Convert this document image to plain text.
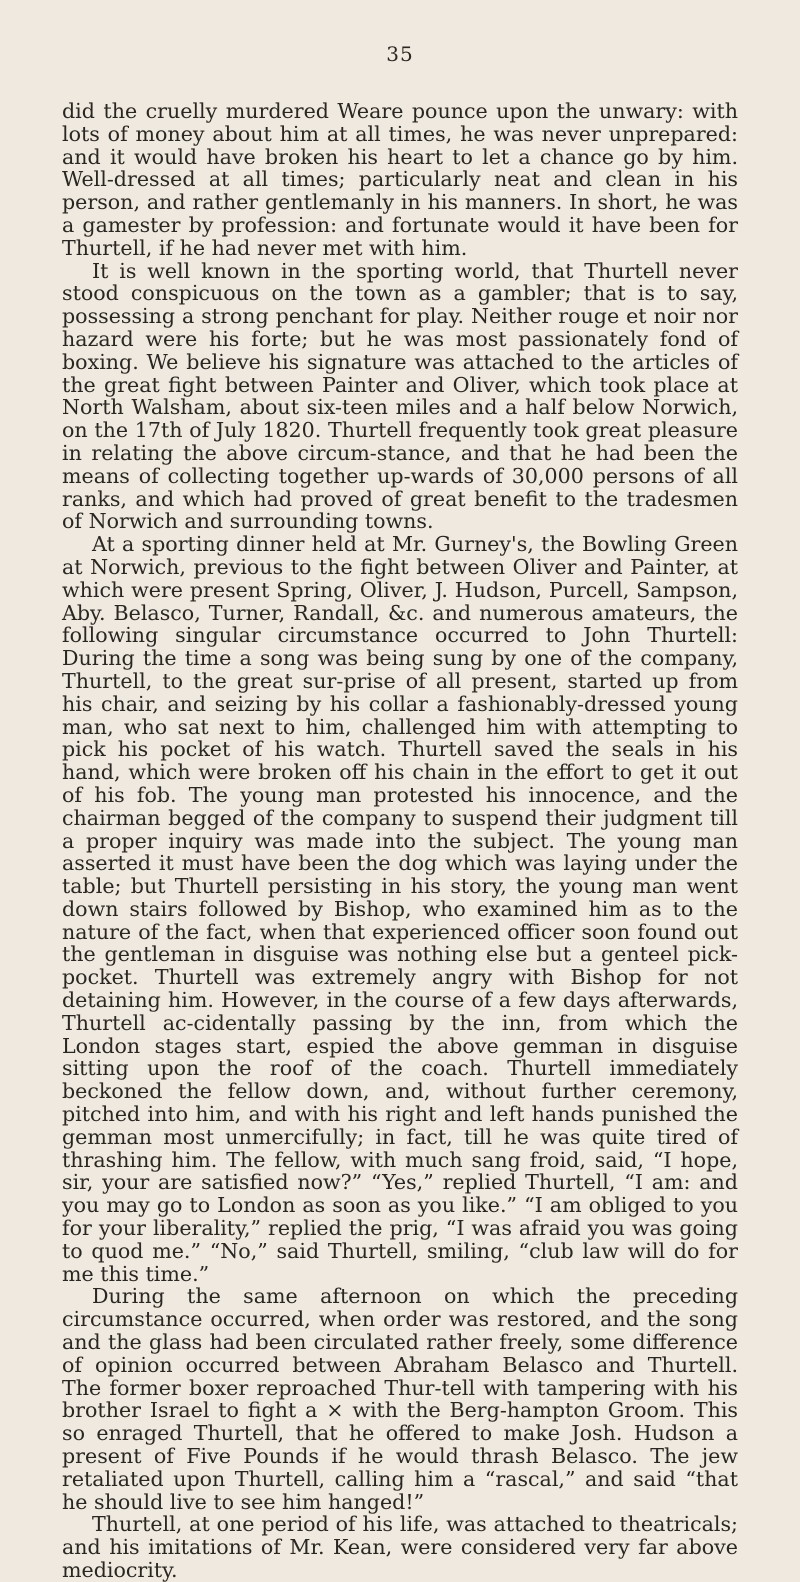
35

did the cruelly murdered Weare pounce upon the unwary: with lots of money about him at all times, he was never unprepared: and it would have broken his heart to let a chance go by him. Well-dressed at all times; particularly neat and clean in his person, and rather gentlemanly in his manners. In short, he was a gamester by profession: and fortunate would it have been for Thurtell, if he had never met with him.

It is well known in the sporting world, that Thurtell never stood conspicuous on the town as a gambler; that is to say, possessing a strong penchant for play. Neither rouge et noir nor hazard were his forte; but he was most passionately fond of boxing. We believe his signature was attached to the articles of the great fight between Painter and Oliver, which took place at North Walsham, about six-teen miles and a half below Norwich, on the 17th of July 1820. Thurtell frequently took great pleasure in relating the above circum-stance, and that he had been the means of collecting together up-wards of 30,000 persons of all ranks, and which had proved of great benefit to the tradesmen of Norwich and surrounding towns.

At a sporting dinner held at Mr. Gurney's, the Bowling Green at Norwich, previous to the fight between Oliver and Painter, at which were present Spring, Oliver, J. Hudson, Purcell, Sampson, Aby. Belasco, Turner, Randall, &c. and numerous amateurs, the following singular circumstance occurred to John Thurtell: During the time a song was being sung by one of the company, Thurtell, to the great sur-prise of all present, started up from his chair, and seizing by his collar a fashionably-dressed young man, who sat next to him, challenged him with attempting to pick his pocket of his watch. Thurtell saved the seals in his hand, which were broken off his chain in the effort to get it out of his fob. The young man protested his innocence, and the chairman begged of the company to suspend their judgment till a proper inquiry was made into the subject. The young man asserted it must have been the dog which was laying under the table; but Thurtell persisting in his story, the young man went down stairs followed by Bishop, who examined him as to the nature of the fact, when that experienced officer soon found out the gentleman in disguise was nothing else but a genteel pick-pocket. Thurtell was extremely angry with Bishop for not detaining him. However, in the course of a few days afterwards, Thurtell ac-cidentally passing by the inn, from which the London stages start, espied the above gemman in disguise sitting upon the roof of the coach. Thurtell immediately beckoned the fellow down, and, without further ceremony, pitched into him, and with his right and left hands punished the gemman most unmercifully; in fact, till he was quite tired of thrashing him. The fellow, with much sang froid, said, “I hope, sir, your are satisfied now?” “Yes,” replied Thurtell, “I am: and you may go to London as soon as you like.” “I am obliged to you for your liberality,” replied the prig, “I was afraid you was going to quod me.” “No,” said Thurtell, smiling, “club law will do for me this time.”

During the same afternoon on which the preceding circumstance occurred, when order was restored, and the song and the glass had been circulated rather freely, some difference of opinion occurred between Abraham Belasco and Thurtell. The former boxer reproached Thur-tell with tampering with his brother Israel to fight a × with the Berg-hampton Groom. This so enraged Thurtell, that he offered to make Josh. Hudson a present of Five Pounds if he would thrash Belasco. The jew retaliated upon Thurtell, calling him a “rascal,” and said “that he should live to see him hanged!”

Thurtell, at one period of his life, was attached to theatricals; and his imitations of Mr. Kean, were considered very far above mediocrity.
